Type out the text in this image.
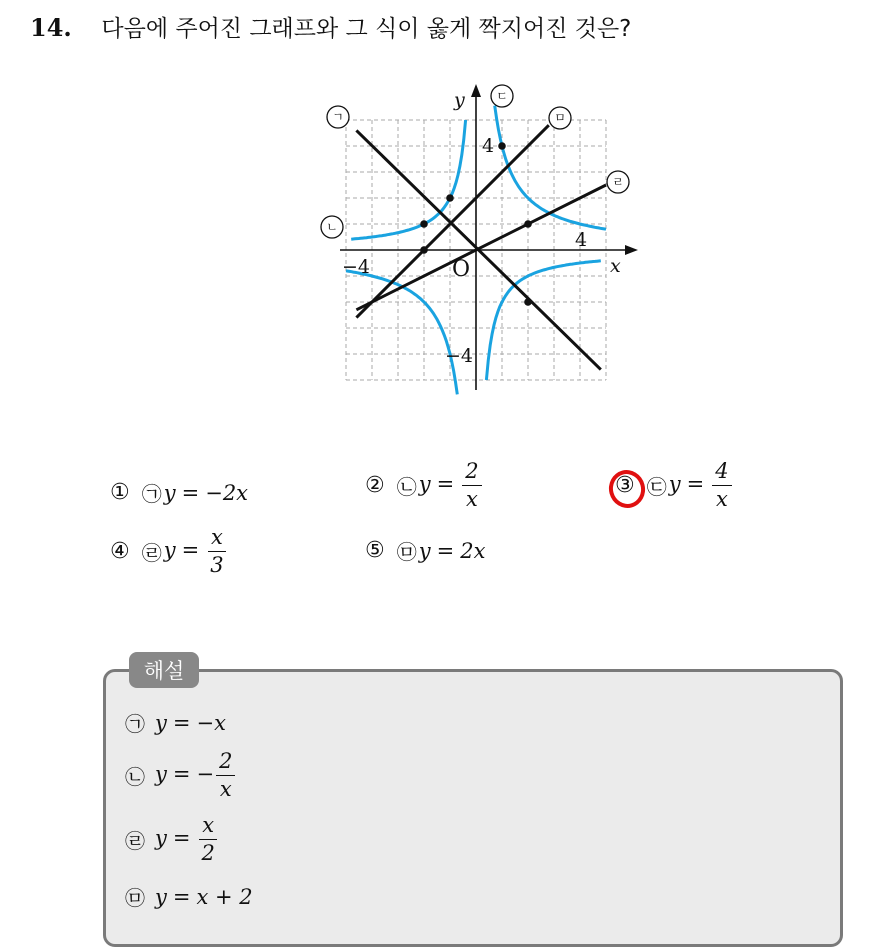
14. 다음에 주어진 그래프와 그 식이 옳게 짝지어진 것은?
x
y
O
4
−4
4
−4
ㄱ
ㄴ
ㄷ
ㄹ
ㅁ
① ㉠ y = −2x	② ㉡ $y = \frac{2}{x}$	③ ㉢ $y = \frac{4}{x}$
④ ㉣ $y = \frac{x}{3}$	⑤ ㉤ y = 2x
해설
㉠ y = −x
㉡ y = − $\frac{2}{x}$
㉣ $y = \frac{x}{2}$
㉤ y = x + 2
